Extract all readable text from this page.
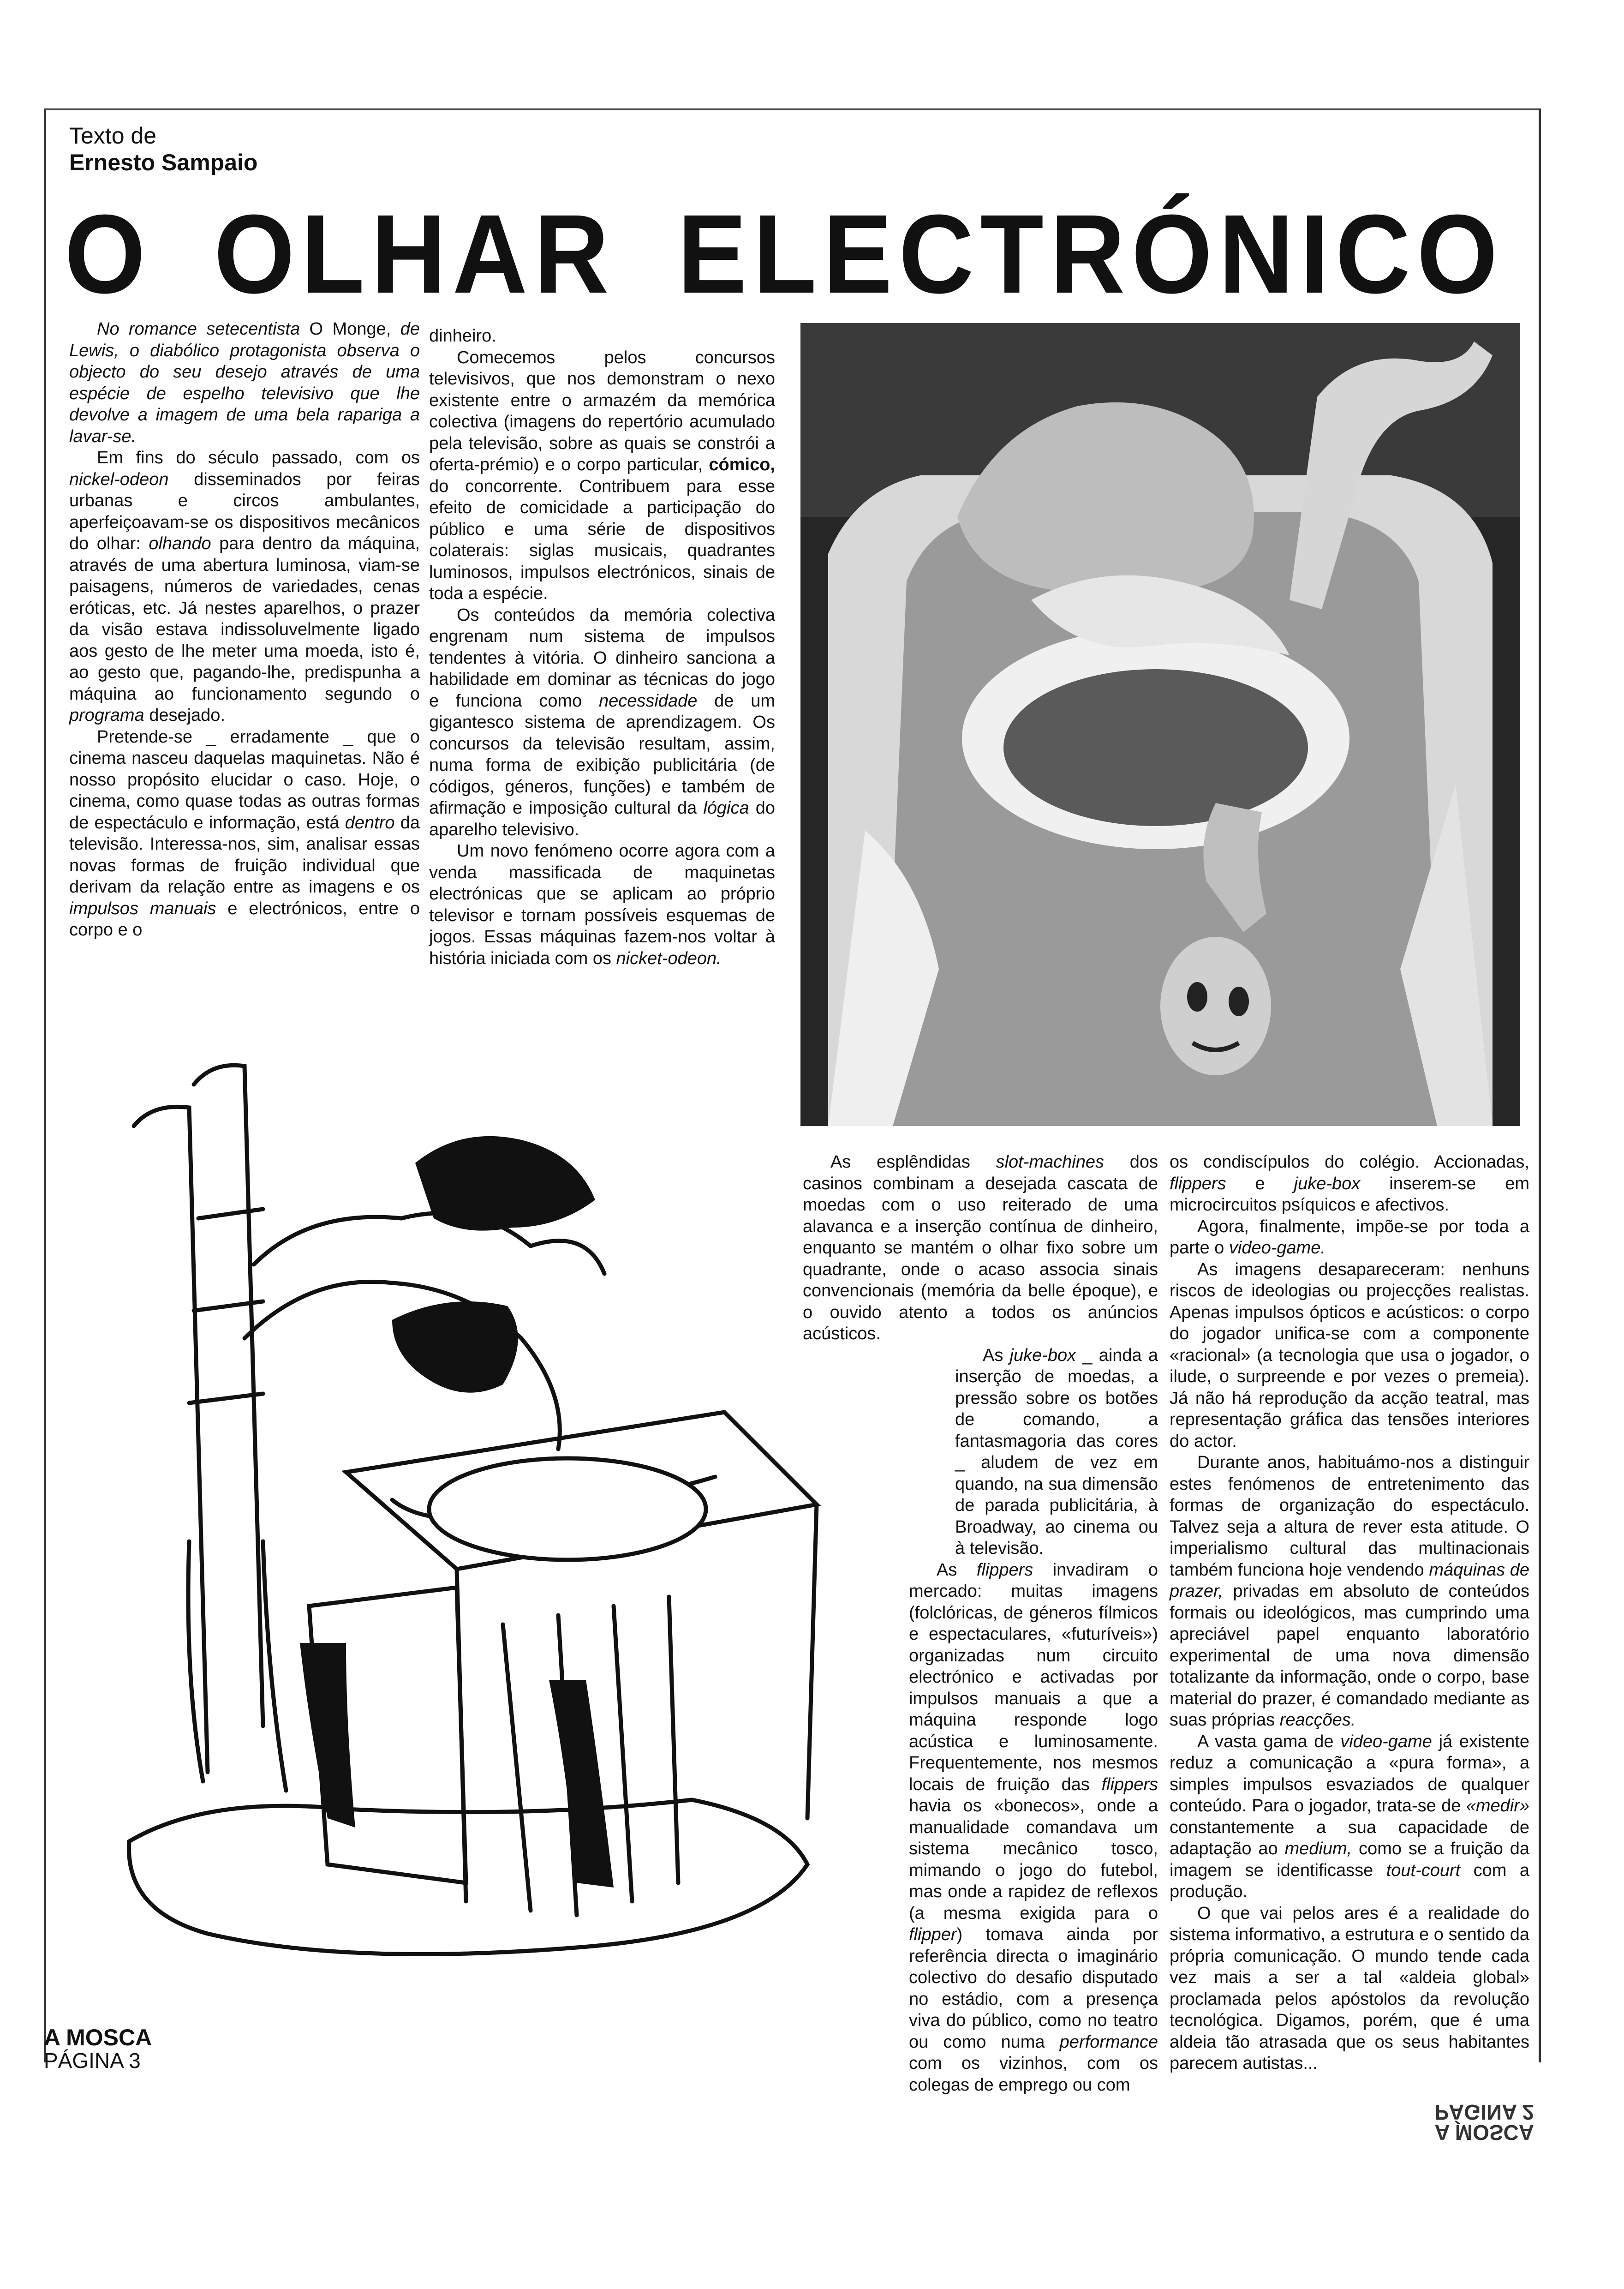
Texto de
Ernesto Sampaio
O OLHAR ELECTRÓNICO

No romance setecentista O Monge, de Lewis, o diabólico protagonista observa o objecto do seu desejo através de uma espécie de espelho televisivo que lhe devolve a imagem de uma bela rapariga a lavar-se.

Em fins do século passado, com os nickel-odeon disseminados por feiras urbanas e circos ambulantes, aperfeiçoavam-se os dispositivos mecânicos do olhar: olhando para dentro da máquina, através de uma abertura luminosa, viam-se paisagens, números de variedades, cenas eróticas, etc. Já nestes aparelhos, o prazer da visão estava indissoluvelmente ligado aos gesto de lhe meter uma moeda, isto é, ao gesto que, pagando-lhe, predispunha a máquina ao funcionamento segundo o programa desejado.

Pretende-se _ erradamente _ que o cinema nasceu daquelas maquinetas. Não é nosso propósito elucidar o caso. Hoje, o cinema, como quase todas as outras formas de espectáculo e informação, está dentro da televisão. Interessa-nos, sim, analisar essas novas formas de fruição individual que derivam da relação entre as imagens e os impulsos manuais e electrónicos, entre o corpo e o

dinheiro.

Comecemos pelos concursos televisivos, que nos demonstram o nexo existente entre o armazém da memórica colectiva (imagens do repertório acumulado pela televisão, sobre as quais se constrói a oferta-prémio) e o corpo particular, cómico, do concorrente. Contribuem para esse efeito de comicidade a participação do público e uma série de dispositivos colaterais: siglas musicais, quadrantes luminosos, impulsos electrónicos, sinais de toda a espécie.

Os conteúdos da memória colectiva engrenam num sistema de impulsos tendentes à vitória. O dinheiro sanciona a habilidade em dominar as técnicas do jogo e funciona como necessidade de um gigantesco sistema de aprendizagem. Os concursos da televisão resultam, assim, numa forma de exibição publicitária (de códigos, géneros, funções) e também de afirmação e imposição cultural da lógica do aparelho televisivo.

Um novo fenómeno ocorre agora com a venda massificada de maquinetas electrónicas que se aplicam ao próprio televisor e tornam possíveis esquemas de jogos. Essas máquinas fazem-nos voltar à história iniciada com os nicket-odeon.

As esplêndidas slot-machines dos casinos combinam a desejada cascata de moedas com o uso reiterado de uma alavanca e a inserção contínua de dinheiro, enquanto se mantém o olhar fixo sobre um quadrante, onde o acaso associa sinais convencionais (memória da belle époque), e o ouvido atento a todos os anúncios acústicos.

As juke-box _ ainda a inserção de moedas, a pressão sobre os botões de comando, a fantasmagoria das cores _ aludem de vez em quando, na sua dimensão de parada publicitária, à Broadway, ao cinema ou à televisão.

As flippers invadiram o mercado: muitas imagens (folclóricas, de géneros fílmicos e espectaculares, «futuríveis») organizadas num circuito electrónico e activadas por impulsos manuais a que a máquina responde logo acústica e luminosamente. Frequentemente, nos mesmos locais de fruição das flippers havia os «bonecos», onde a manualidade comandava um sistema mecânico tosco, mimando o jogo do futebol, mas onde a rapidez de reflexos (a mesma exigida para o flipper) tomava ainda por referência directa o imaginário colectivo do desafio disputado no estádio, com a presença viva do público, como no teatro ou como numa performance com os vizinhos, com os colegas de emprego ou com

os condiscípulos do colégio. Accionadas, flippers e juke-box inserem-se em microcircuitos psíquicos e afectivos.

Agora, finalmente, impõe-se por toda a parte o video-game.

As imagens desapareceram: nenhuns riscos de ideologias ou projecções realistas. Apenas impulsos ópticos e acústicos: o corpo do jogador unifica-se com a componente «racional» (a tecnologia que usa o jogador, o ilude, o surpreende e por vezes o premeia). Já não há reprodução da acção teatral, mas representação gráfica das tensões interiores do actor.

Durante anos, habituámo-nos a distinguir estes fenómenos de entretenimento das formas de organização do espectáculo. Talvez seja a altura de rever esta atitude. O imperialismo cultural das multinacionais também funciona hoje vendendo máquinas de prazer, privadas em absoluto de conteúdos formais ou ideológicos, mas cumprindo uma apreciável papel enquanto laboratório experimental de uma nova dimensão totalizante da informação, onde o corpo, base material do prazer, é comandado mediante as suas próprias reacções.

A vasta gama de video-game já existente reduz a comunicação a «pura forma», a simples impulsos esvaziados de qualquer conteúdo. Para o jogador, trata-se de «medir» constantemente a sua capacidade de adaptação ao medium, como se a fruição da imagem se identificasse tout-court com a produção.

O que vai pelos ares é a realidade do sistema informativo, a estrutura e o sentido da própria comunicação. O mundo tende cada vez mais a ser a tal «aldeia global» proclamada pelos apóstolos da revolução tecnológica. Digamos, porém, que é uma aldeia tão atrasada que os seus habitantes parecem autistas...

A MOSCA
PÁGINA 3
A MOSCA
PÁGINA 2
